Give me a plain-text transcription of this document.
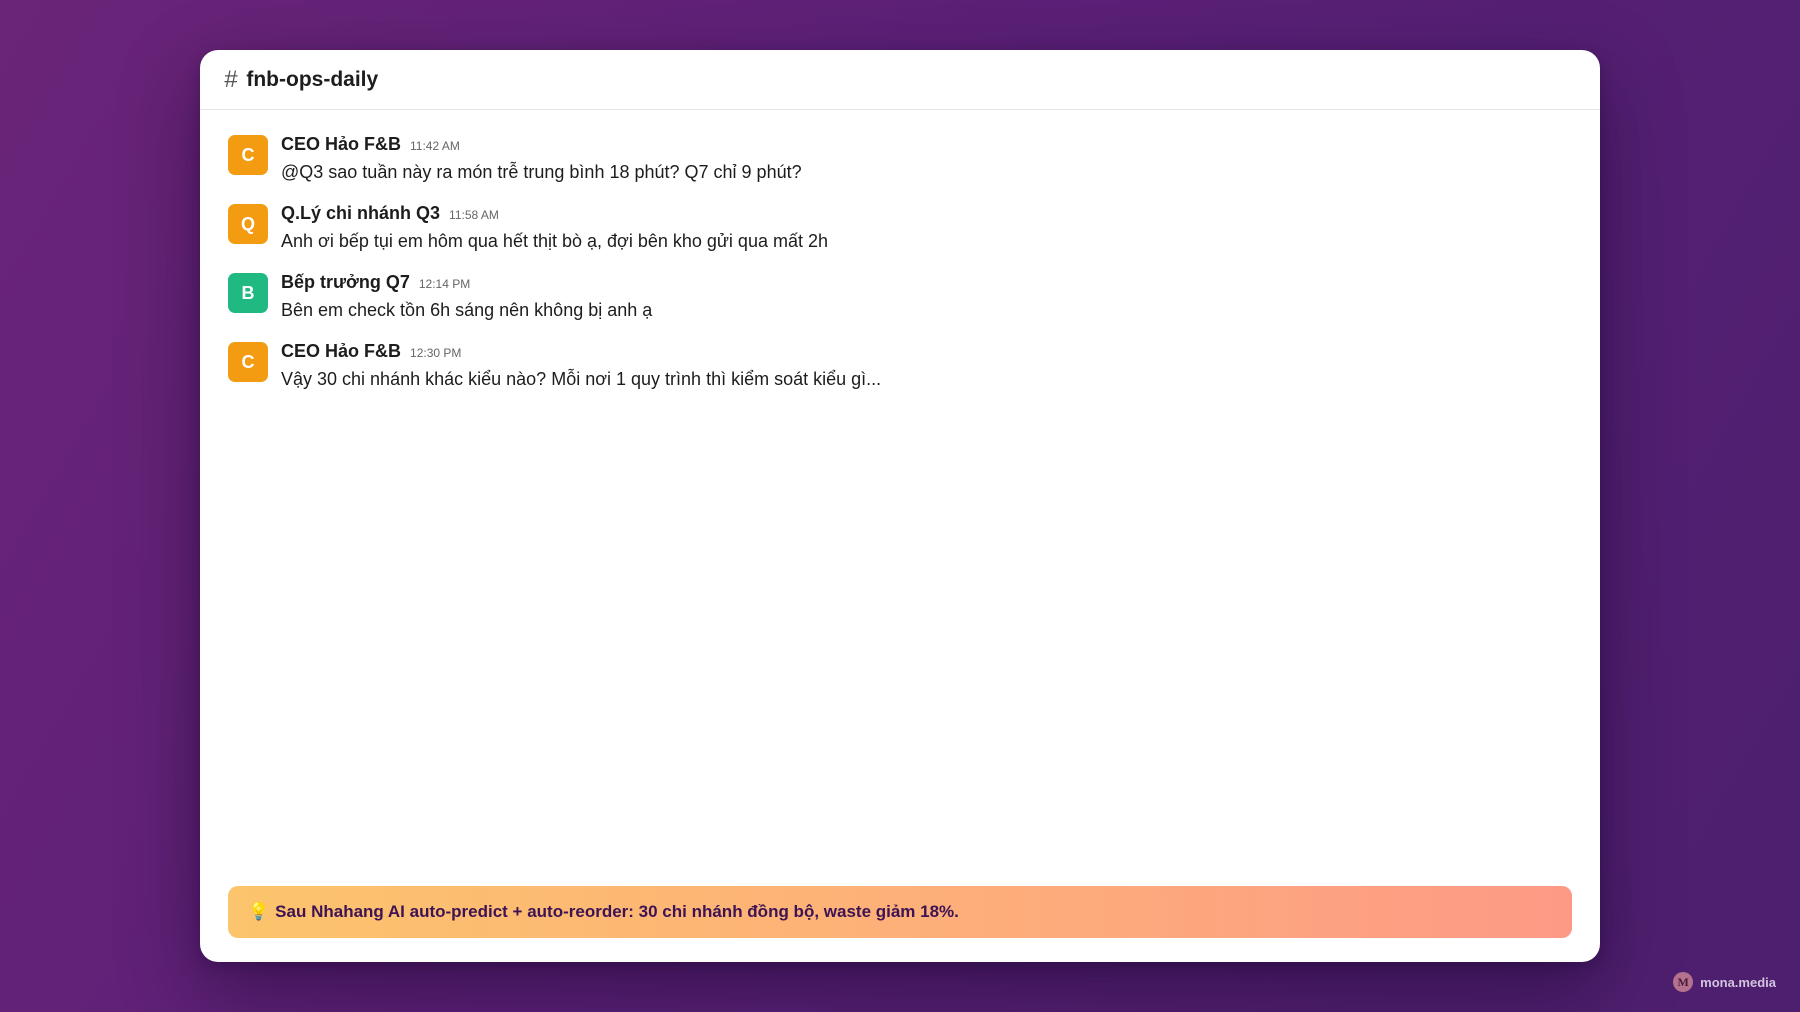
# fnb-ops-daily
C
CEO Hảo F&B 11:42 AM
@Q3 sao tuần này ra món trễ trung bình 18 phút? Q7 chỉ 9 phút?
Q
Q.Lý chi nhánh Q3 11:58 AM
Anh ơi bếp tụi em hôm qua hết thịt bò ạ, đợi bên kho gửi qua mất 2h
B
Bếp trưởng Q7 12:14 PM
Bên em check tồn 6h sáng nên không bị anh ạ
C
CEO Hảo F&B 12:30 PM
Vậy 30 chi nhánh khác kiểu nào? Mỗi nơi 1 quy trình thì kiểm soát kiểu gì...
💡 Sau Nhahang AI auto-predict + auto-reorder: 30 chi nhánh đồng bộ, waste giảm 18%.
M mona.media
